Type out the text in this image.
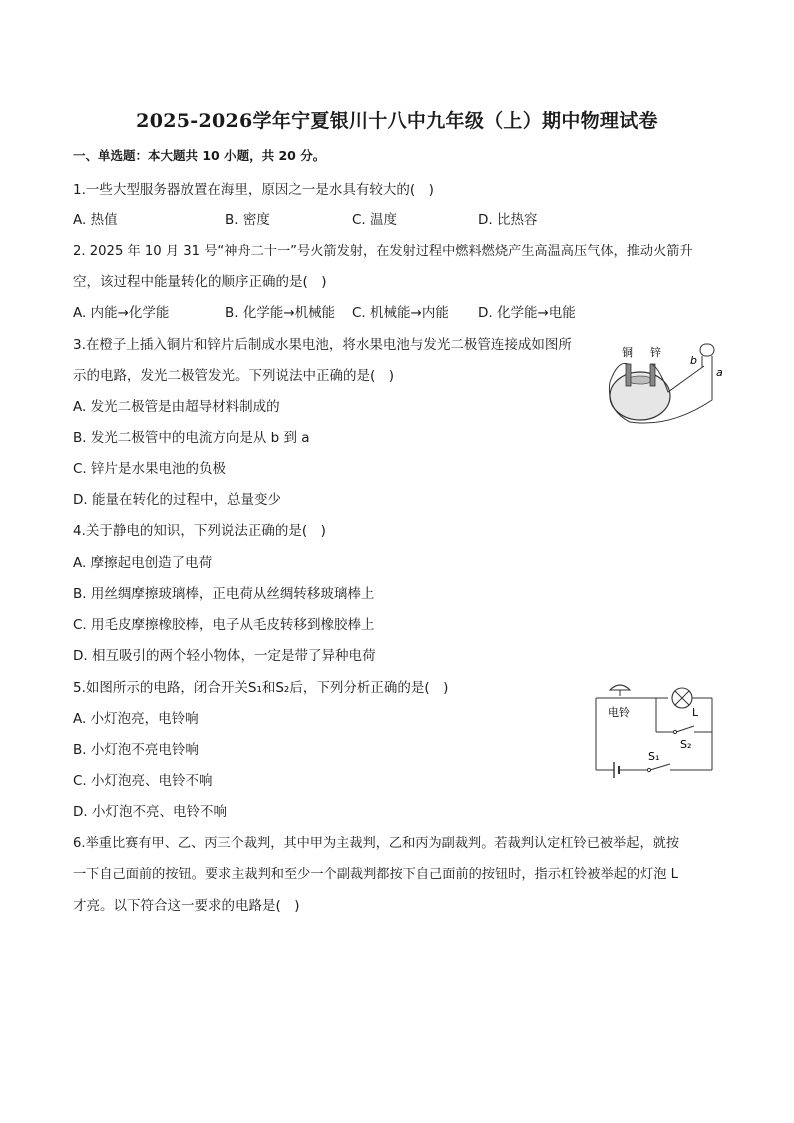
2025-2026学年宁夏银川十八中九年级（上）期中物理试卷
一、单选题：本大题共 10 小题，共 20 分。
1.一些大型服务器放置在海里，原因之一是水具有较大的(　)
A. 热值	B. 密度	C. 温度	D. 比热容
2. 2025 年 10 月 31 号“神舟二十一”号火箭发射，在发射过程中燃料燃烧产生高温高压气体，推动火箭升
空，该过程中能量转化的顺序正确的是(　)
A. 内能→化学能	B. 化学能→机械能 C. 机械能→内能 D. 化学能→电能
3.在橙子上插入铜片和锌片后制成水果电池，将水果电池与发光二极管连接成如图所
示的电路，发光二极管发光。下列说法中正确的是(　)
A. 发光二极管是由超导材料制成的
B. 发光二极管中的电流方向是从 b 到 a
C. 锌片是水果电池的负极
D. 能量在转化的过程中，总量变少
铜 锌
b
a
4.关于静电的知识，下列说法正确的是(　)
A. 摩擦起电创造了电荷
B. 用丝绸摩擦玻璃棒，正电荷从丝绸转移玻璃棒上
C. 用毛皮摩擦橡胶棒，电子从毛皮转移到橡胶棒上
D. 相互吸引的两个轻小物体，一定是带了异种电荷
5.如图所示的电路，闭合开关S₁和S₂后，下列分析正确的是(　)
A. 小灯泡亮，电铃响
B. 小灯泡不亮电铃响
C. 小灯泡亮、电铃不响
D. 小灯泡不亮、电铃不响
电铃	L
S₂
S₁
6.举重比赛有甲、乙、丙三个裁判，其中甲为主裁判，乙和丙为副裁判。若裁判认定杠铃已被举起，就按
一下自己面前的按钮。要求主裁判和至少一个副裁判都按下自己面前的按钮时，指示杠铃被举起的灯泡 L
才亮。以下符合这一要求的电路是(　)
